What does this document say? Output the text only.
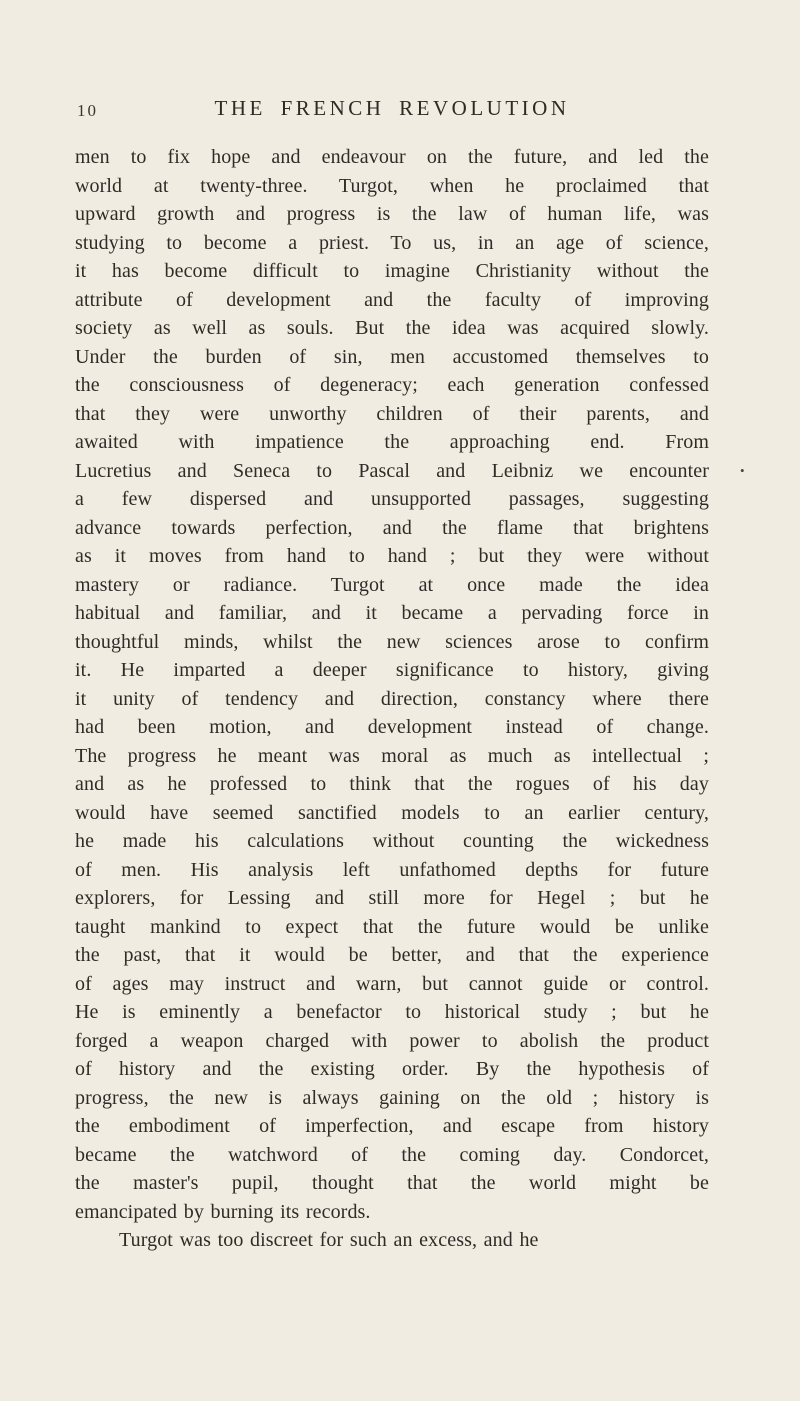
10	THE FRENCH REVOLUTION
men to fix hope and endeavour on the future, and led the
world at twenty-three. Turgot, when he proclaimed that
upward growth and progress is the law of human life, was
studying to become a priest. To us, in an age of science,
it has become difficult to imagine Christianity without the
attribute of development and the faculty of improving
society as well as souls. But the idea was acquired slowly.
Under the burden of sin, men accustomed themselves to
the consciousness of degeneracy; each generation confessed
that they were unworthy children of their parents, and
awaited with impatience the approaching end. From
Lucretius and Seneca to Pascal and Leibniz we encounter
a few dispersed and unsupported passages, suggesting
advance towards perfection, and the flame that brightens
as it moves from hand to hand ; but they were without
mastery or radiance. Turgot at once made the idea
habitual and familiar, and it became a pervading force in
thoughtful minds, whilst the new sciences arose to confirm
it. He imparted a deeper significance to history, giving
it unity of tendency and direction, constancy where there
had been motion, and development instead of change.
The progress he meant was moral as much as intellectual ;
and as he professed to think that the rogues of his day
would have seemed sanctified models to an earlier century,
he made his calculations without counting the wickedness
of men. His analysis left unfathomed depths for future
explorers, for Lessing and still more for Hegel ; but he
taught mankind to expect that the future would be unlike
the past, that it would be better, and that the experience
of ages may instruct and warn, but cannot guide or control.
He is eminently a benefactor to historical study ; but he
forged a weapon charged with power to abolish the product
of history and the existing order. By the hypothesis of
progress, the new is always gaining on the old ; history is
the embodiment of imperfection, and escape from history
became the watchword of the coming day. Condorcet,
the master's pupil, thought that the world might be
emancipated by burning its records.
Turgot was too discreet for such an excess, and he
•
